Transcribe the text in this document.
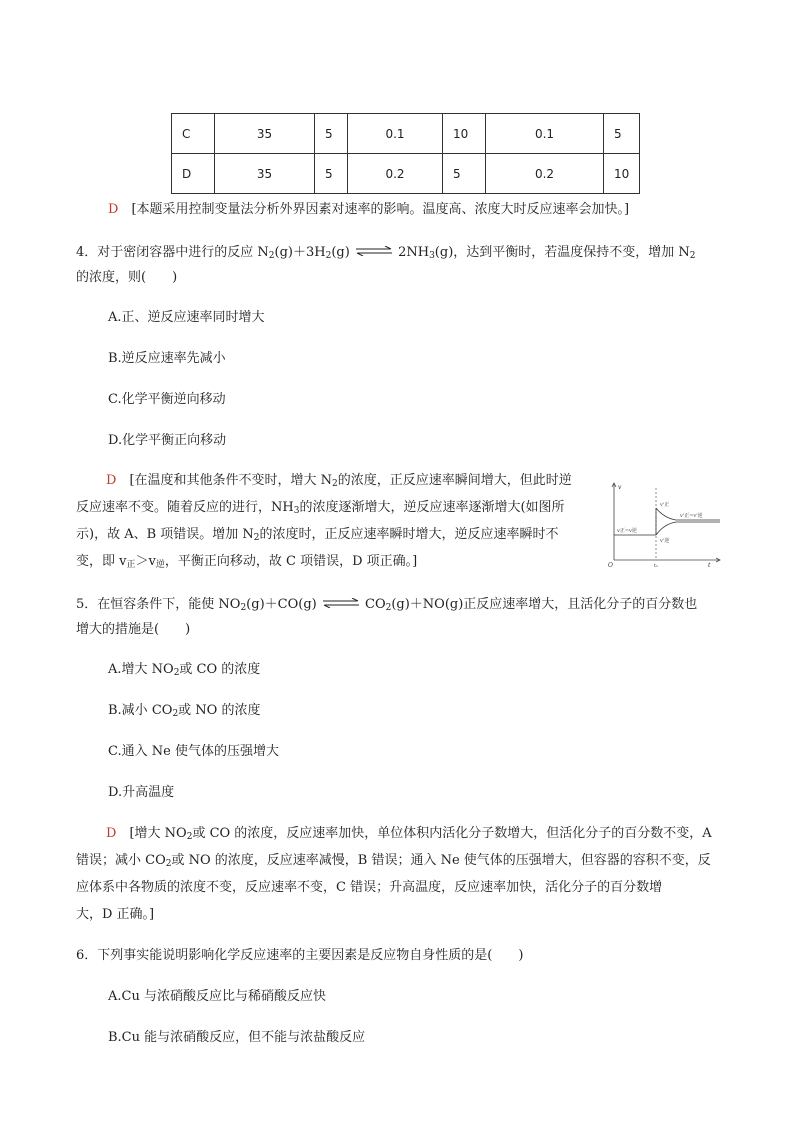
C	35	5	0.1	10	0.1	5
D	35	5	0.2	5	0.2	10
D　 [本题采用控制变量法分析外界因素对速率的影响。温度高、浓度大时反应速率会加快。]
4．对于密闭容器中进行的反应 $N_2(g)+3H_2(g)$ ⇌ $2NH_3(g)$，达到平衡时，若温度保持不变，增加 $N_2$
的浓度，则(　　)
A.正、逆反应速率同时增大
B.逆反应速率先减小
C.化学平衡逆向移动
D.化学平衡正向移动
D　 [在温度和其他条件不变时，增大 $N_2$的浓度，正反应速率瞬间增大，但此时逆
反应速率不变。随着反应的进行，$NH_3$的浓度逐渐增大，逆反应速率逐渐增大(如图所
示)，故 A、B 项错误。增加 $N_2$的浓度时，正反应速率瞬时增大，逆反应速率瞬时不
变，即 $v_正>v_逆$，平衡正向移动，故 C 项错误，D 项正确。]
v
t
O	t₁
v正=v逆
v'正
v'逆
v'正=v'逆
5．在恒容条件下，能使 $NO_2(g)+CO(g)$ ⇌ $CO_2(g)+NO(g)$正反应速率增大，且活化分子的百分数也
增大的措施是(　　)
A.增大 $NO_2$或 CO 的浓度
B.减小 $CO_2$或 NO 的浓度
C.通入 Ne 使气体的压强增大
D.升高温度
D　 [增大 $NO_2$或 CO 的浓度，反应速率加快，单位体积内活化分子数增大，但活化分子的百分数不变，A
错误；减小 $CO_2$或 NO 的浓度，反应速率减慢，B 错误；通入 Ne 使气体的压强增大，但容器的容积不变，反
应体系中各物质的浓度不变，反应速率不变，C 错误；升高温度，反应速率加快，活化分子的百分数增
大，D 正确。]
6．下列事实能说明影响化学反应速率的主要因素是反应物自身性质的是(　　)
A.Cu 与浓硝酸反应比与稀硝酸反应快
B.Cu 能与浓硝酸反应，但不能与浓盐酸反应
